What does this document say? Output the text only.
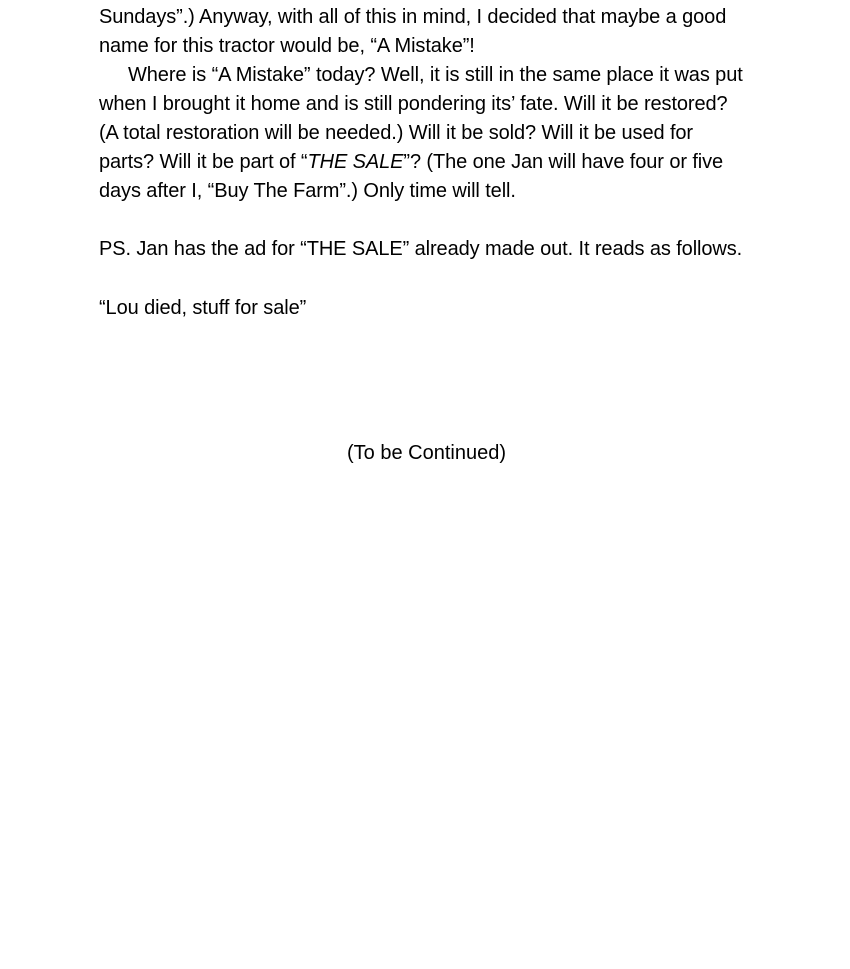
Sundays”.) Anyway, with all of this in mind, I decided that maybe a good
name for this tractor would be, “A Mistake”!
Where is “A Mistake” today? Well, it is still in the same place it was put
when I brought it home and is still pondering its’ fate. Will it be restored?
(A total restoration will be needed.) Will it be sold? Will it be used for
parts? Will it be part of “THE SALE”? (The one Jan will have four or five
days after I, “Buy The Farm”.) Only time will tell.
PS. Jan has the ad for “THE SALE” already made out. It reads as follows.
“Lou died, stuff for sale”
(To be Continued)
